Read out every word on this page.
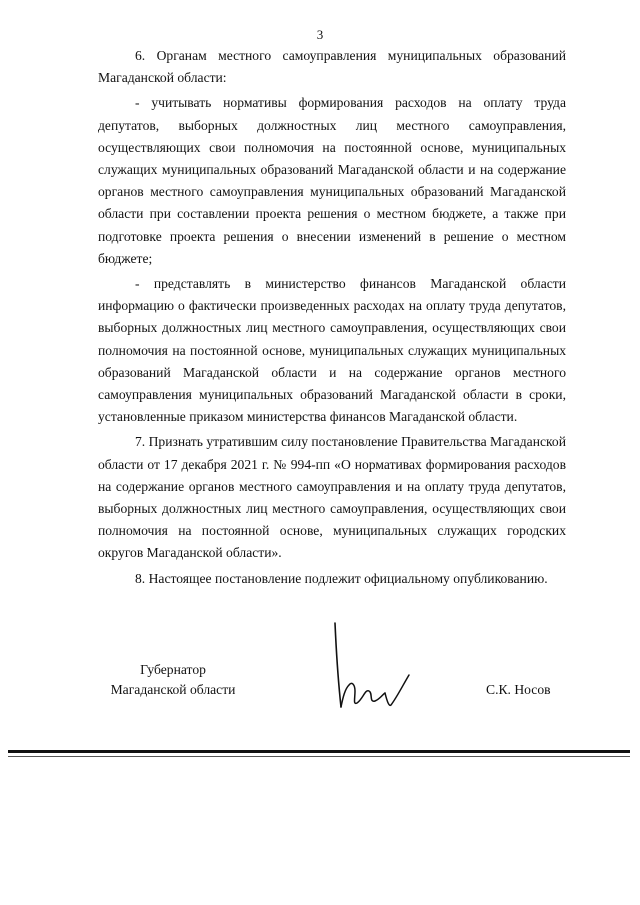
3

6. Органам местного самоуправления муниципальных образований Магаданской области:

- учитывать нормативы формирования расходов на оплату труда депутатов, выборных должностных лиц местного самоуправления, осуществляющих свои полномочия на постоянной основе, муниципальных служащих муниципальных образований Магаданской области и на содержание органов местного самоуправления муниципальных образований Магаданской области при составлении проекта решения о местном бюджете, а также при подготовке проекта решения о внесении изменений в решение о местном бюджете;

- представлять в министерство финансов Магаданской области информацию о фактически произведенных расходах на оплату труда депутатов, выборных должностных лиц местного самоуправления, осуществляющих свои полномочия на постоянной основе, муниципальных служащих муниципальных образований Магаданской области и на содержание органов местного самоуправления муниципальных образований Магаданской области в сроки, установленные приказом министерства финансов Магаданской области.

7. Признать утратившим силу постановление Правительства Магаданской области от 17 декабря 2021 г. № 994-пп «О нормативах формирования расходов на содержание органов местного самоуправления и на оплату труда депутатов, выборных должностных лиц местного самоуправления, осуществляющих свои полномочия на постоянной основе, муниципальных служащих городских округов Магаданской области».

8. Настоящее постановление подлежит официальному опубликованию.

Губернатор
Магаданской области	С.К. Носов
